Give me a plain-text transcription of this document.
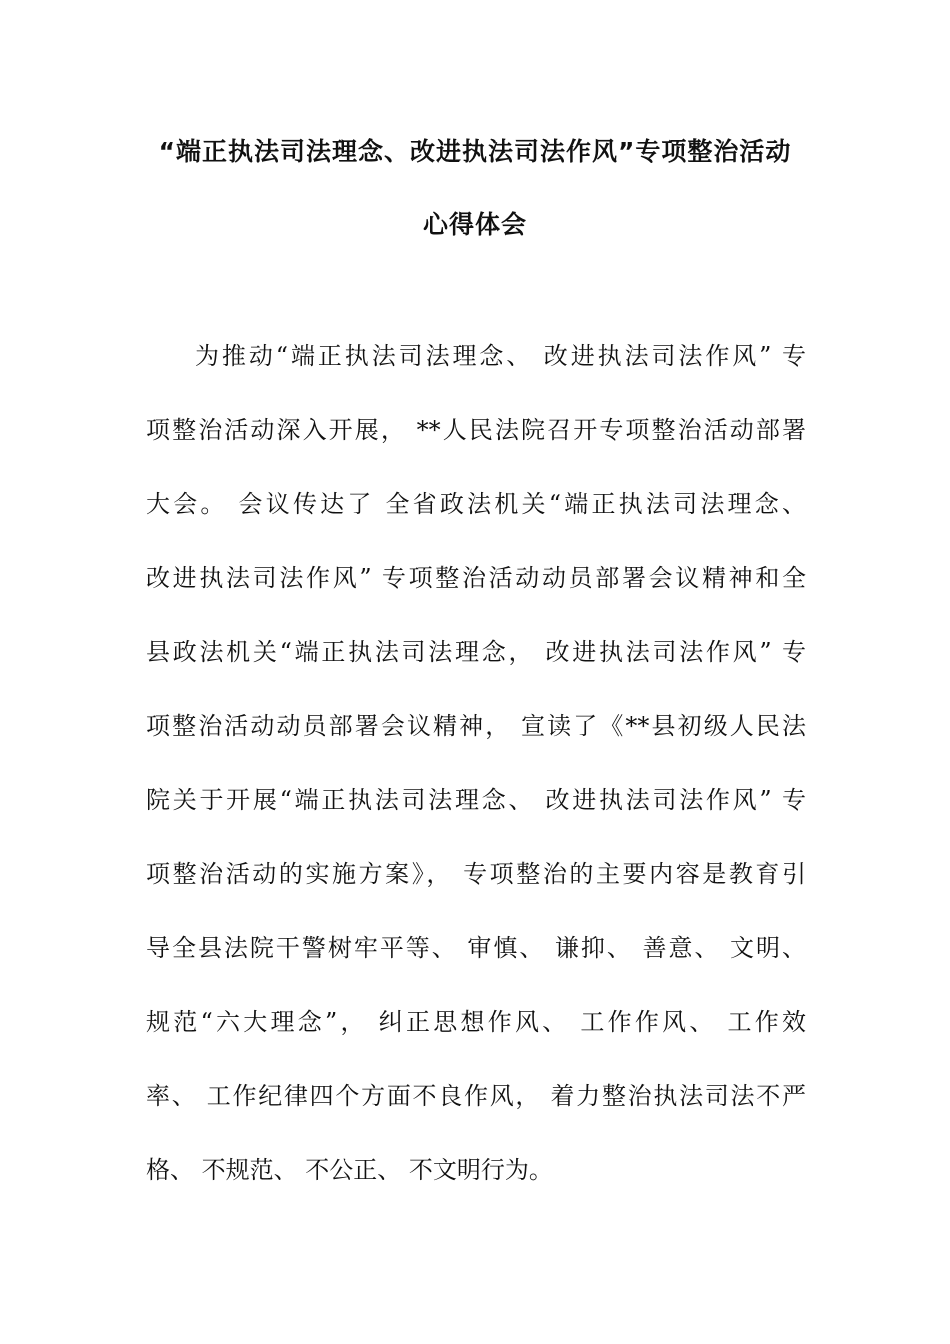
“端正执法司法理念、改进执法司法作风”专项整治活动
心得体会
为推动“端正执法司法理念、 改进执法司法作风” 专
项整治活动深入开展， **人民法院召开专项整治活动部署
大会。 会议传达了 全省政法机关“端正执法司法理念、
改进执法司法作风” 专项整治活动动员部署会议精神和全
县政法机关“端正执法司法理念， 改进执法司法作风” 专
项整治活动动员部署会议精神， 宣读了《**县初级人民法
院关于开展“端正执法司法理念、 改进执法司法作风” 专
项整治活动的实施方案》， 专项整治的主要内容是教育引
导全县法院干警树牢平等、 审慎、 谦抑、 善意、 文明、
规范“六大理念”， 纠正思想作风、 工作作风、 工作效
率、 工作纪律四个方面不良作风， 着力整治执法司法不严
格、 不规范、 不公正、 不文明行为。
